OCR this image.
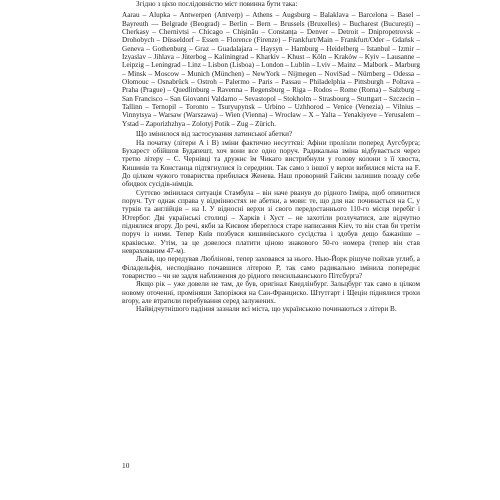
Згідно з цією послідовністю міст повинна бути така:

Aarau – Alupka – Antwerpen (Antverp) – Athens – Augsburg – Balaklava – Barcelona – Basel – Bayreuth — Belgrade (Beograd) – Berlin – Bern – Brussels (Bruxelles) – Bucharest (Bucureşti) – Cherkasy – Chernivtsi – Chicago – Chişinău – Constanța – Denver – Detroit – Dnipropetrovsk – Drohobych – Düsseldorf – Essen – Florence (Firenze) – Frankfurt/Main – Frankfurt/Oder – Gdańsk – Geneva – Gothenburg – Graz – Guadalajara – Haysyn – Hamburg – Heidelberg – Istanbul – Izmir – Izyaslav – Jihlava – Jüterbog – Kaliningrad – Kharkiv – Khust – Köln – Kraków – Kyiv – Lausanne – Leipzig – Leningrad – Linz – Lisbon (Lisboa) – London – Lublin – Lviv – Mainz – Malbork – Marburg – Minsk – Moscow – Munich (München) – NewYork – Nijmegen – NoviSad – Nürnberg – Odessa – Olomouc – Osnabrück – Ostroh – Palermo – Paris – Passau – Philadelphia – Pittsburgh – Poltava – Praha (Prague) – Quedlinburg – Ravenna – Regensburg – Riga – Rodos – Rome (Roma) – Salzburg – San Francisco – San Giovanni Valdarno – Sevastopol – Stokholm – Strasbourg – Stuttgart – Szczecin – Tallinn – Ternopil – Toronto – Tsuryupynsk – Urbino – Uzhhorod – Venice (Venezia) – Vilnius – Vinnytsya – Warsaw (Warszawa) – Wien (Vienna) – Wrocław – X – Yalta – Yenakiyeve – Yerusalem – Ystad – Zaporizhzhya – Zolotyj Potik – Zug – Zürich.

Що змінилося від застосування латинської абетки?

На початку (літери А і В) зміни фактично несуттєві: Афіни пролізли поперед Аугсбурга; Бухарест обійшов Будапешт, хоч вони все одно поруч. Радикальна зміна відбувається через третю літеру – С. Чернівці та дружнє їм Чикаго вистрибнули у голову колони з її хвоста, Кишинів та Констанца підтягнулися із середини. Так само з іншої у верхи вибилися міста на F. До цілком чужого товариства прибилася Женева. Наш проворний Гайсин залишив позаду себе обидвох сусідів-німців.

Суттєво змінилася ситуація Стамбула – він наче рванув до рідного Ізміра, щоб опинитися поруч. Тут однак справа у відмінностях не абетки, а мови: те, що для нас починається на С, у турків та англійців – на І. У відносні верхи зі свого передостаннього 110-го місця перебіг і Ютербог. Дві українські столиці – Харків і Хуст – не захотіли розлучатися, але відчутно піднялися вгору. До речі, якби за Києвом збереглося старе написання Kiev, то він став би третім поруч із ними. Тепер Київ позбувся кишинівського сусідства і здобув дещо бажаніше – краківське. Утім, за це довелося платити ціною знакового 50-го номера (тепер він став неврахованим 47-м).

Львів, що передував Люблінові, тепер заховався за нього. Нью-Йорк рішуче пойхав углиб, а Філадельфія, несподівано почавшися літерою P, так само радикально змінила попереднє товариство – чи не задля наближення до рідного пенсильванського Пітсбурга?

Якщо рік – уже довели не там, де був, оригінал Кведлінбург. Зальцбург так само в цілком новому оточенні, проміняши Запоріжжя на Сан-Франциско. Штутгарт і Щецін піднялися трохи вгору, але втратили перебування серед залужених.

Найвідчутнішого падіння зазнали всі міста, що українською починаються з літери В.

10
